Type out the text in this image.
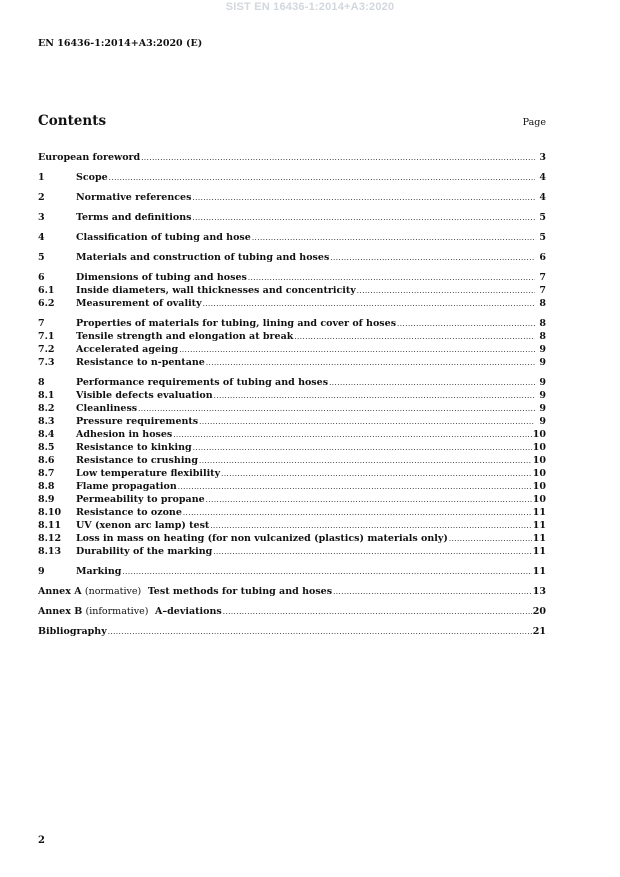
SIST EN 16436-1:2014+A3:2020
EN 16436-1:2014+A3:2020 (E)
Contents	Page
European foreword .....	3
1	Scope .....	4
2	Normative references .....	4
3	Terms and definitions .....	5
4	Classification of tubing and hose .....	5
5	Materials and construction of tubing and hoses .....	6
6	Dimensions of tubing and hoses .....	7
6.1	Inside diameters, wall thicknesses and concentricity .....	7
6.2	Measurement of ovality .....	8
7	Properties of materials for tubing, lining and cover of hoses .....	8
7.1	Tensile strength and elongation at break .....	8
7.2	Accelerated ageing .....	9
7.3	Resistance to n-pentane .....	9
8	Performance requirements of tubing and hoses .....	9
8.1	Visible defects evaluation .....	9
8.2	Cleanliness .....	9
8.3	Pressure requirements .....	9
8.4	Adhesion in hoses .....	10
8.5	Resistance to kinking .....	10
8.6	Resistance to crushing .....	10
8.7	Low temperature flexibility .....	10
8.8	Flame propagation .....	10
8.9	Permeability to propane .....	10
8.10	Resistance to ozone .....	11
8.11	UV (xenon arc lamp) test .....	11
8.12	Loss in mass on heating (for non vulcanized (plastics) materials only) .....	11
8.13	Durability of the marking .....	11
9	Marking .....	11
Annex A (normative) Test methods for tubing and hoses .....	13
Annex B (informative) A–deviations .....	20
Bibliography .....	21
2
